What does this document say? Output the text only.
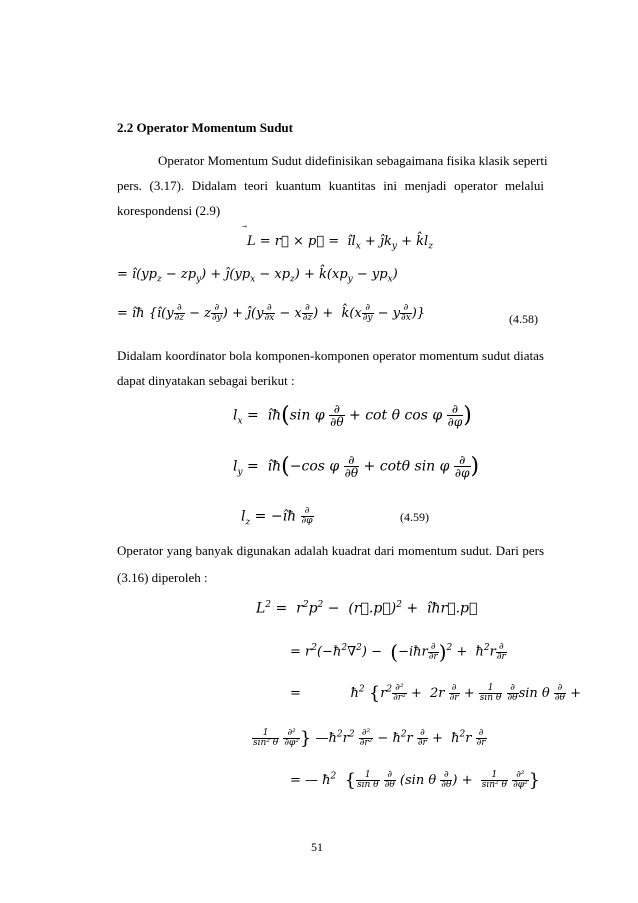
2.2 Operator Momentum Sudut
Operator Momentum Sudut didefinisikan sebagaimana fisika klasik seperti
pers. (3.17). Didalam teori kuantum kuantitas ini menjadi operator melalui
korespondensi (2.9)
L
= r⃗ × p⃗ =  $îl_x$ + $ĵk_y$ + $k̂l_z$
= $î(yp_z - zp_y)$ + $ĵ(yp_x - xp_z)$ + $k̂(xp_y - yp_x)$
= îħ {î(y $\frac{\partial}{\partial z} - z \frac{\partial}{\partial y}$ ) + ĵ(y $\frac{\partial}{\partial x} - x \frac{\partial}{\partial z}$ ) +  k̂(x $\frac{\partial}{\partial y} - y \frac{\partial}{\partial x}$ )}	(4.58)
Didalam koordinator bola komponen-komponen operator momentum sudut diatas
dapat dinyatakan sebagai berikut :
$l_x$ =  îħ(sin φ $\frac{\partial}{\partial\theta} + \cot \theta$ cos φ $\frac{\partial}{\partial\varphi}$ )
$l_y$ =  îħ(−cos φ $\frac{\partial}{\partial\theta} + \cot\theta$ sin φ $\frac{\partial}{\partial\varphi}$ )
$l_z$ = −îħ $\frac{\partial}{\partial\varphi}$	(4.59)
Operator yang banyak digunakan adalah kuadrat dari momentum sudut. Dari pers
(3.16) diperoleh :
$L^2 = r^2p^2$ −  (r⃗.p⃗)$^2$ +  îħr⃗.p⃗
= $r^2(-ħ^2\nabla^2)$ −  (−iħr $\frac{\partial}{\partial r} )^2$ +  $ħ^2r \frac{\partial}{\partial r}$
=            $ħ^2$ {$r^2 \frac{\text{∂²}}{\text{∂r²}} + 2r \frac{\partial}{\partial r} + \frac{1}{\text{sin θ}}$
$\frac{\partial}{\partial\theta}$ sin θ $\frac{\partial}{\partial\theta}$ +
$\frac{1}{\text{sin² θ}}$
$\frac{\text{∂²}}{\text{∂φ²}}$ } $—ħ^2r^2 \frac{\text{∂²}}{\text{∂r²}}$ − $ħ^2r \frac{\partial}{\partial r}$ +  $ħ^2r \frac{\partial}{\partial r}$
= — $ħ^2$ { $\frac{1}{\text{sin θ}}$
$\frac{\partial}{\partial\theta} (\sin$ θ $\frac{\partial}{\partial\theta}$ ) + $\frac{1}{\text{sin² θ}}$
$\frac{\text{∂²}}{\text{∂φ²}}$ }
51
